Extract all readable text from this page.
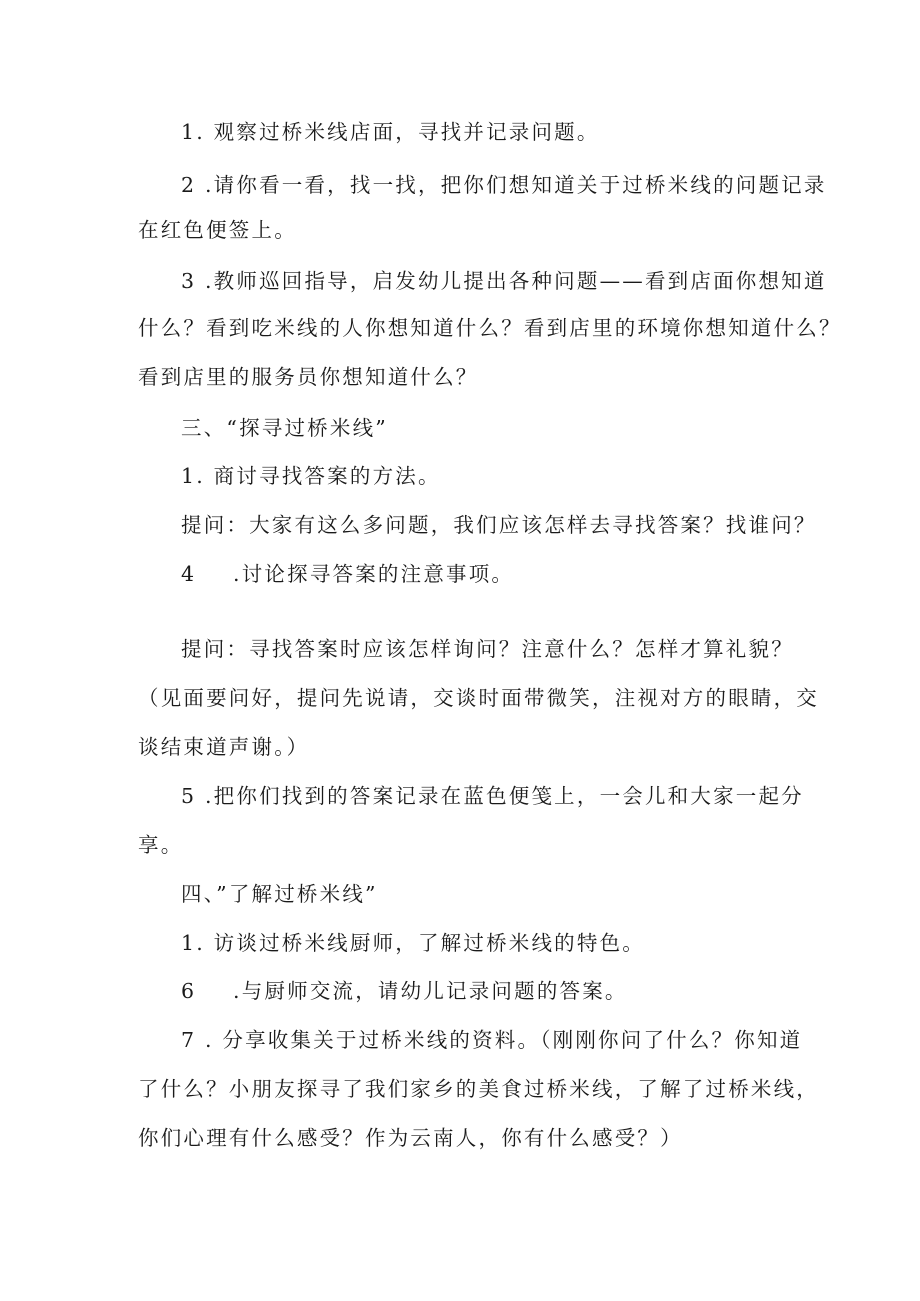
1. 观察过桥米线店面，寻找并记录问题。
2 .请你看一看，找一找，把你们想知道关于过桥米线的问题记录
在红色便签上。
3 .教师巡回指导，启发幼儿提出各种问题——看到店面你想知道
什么？看到吃米线的人你想知道什么？看到店里的环境你想知道什么？
看到店里的服务员你想知道什么？
三、“探寻过桥米线”
1. 商讨寻找答案的方法。
提问：大家有这么多问题，我们应该怎样去寻找答案？找谁问？
4	.讨论探寻答案的注意事项。
提问：寻找答案时应该怎样询问？注意什么？怎样才算礼貌？
（见面要问好，提问先说请，交谈时面带微笑，注视对方的眼睛，交
谈结束道声谢。）
5 .把你们找到的答案记录在蓝色便笺上，一会儿和大家一起分
享。
四、”了解过桥米线”
1. 访谈过桥米线厨师，了解过桥米线的特色。
6	.与厨师交流，请幼儿记录问题的答案。
7 . 分享收集关于过桥米线的资料。（刚刚你问了什么？你知道
了什么？小朋友探寻了我们家乡的美食过桥米线，了解了过桥米线，
你们心理有什么感受？作为云南人，你有什么感受？）
